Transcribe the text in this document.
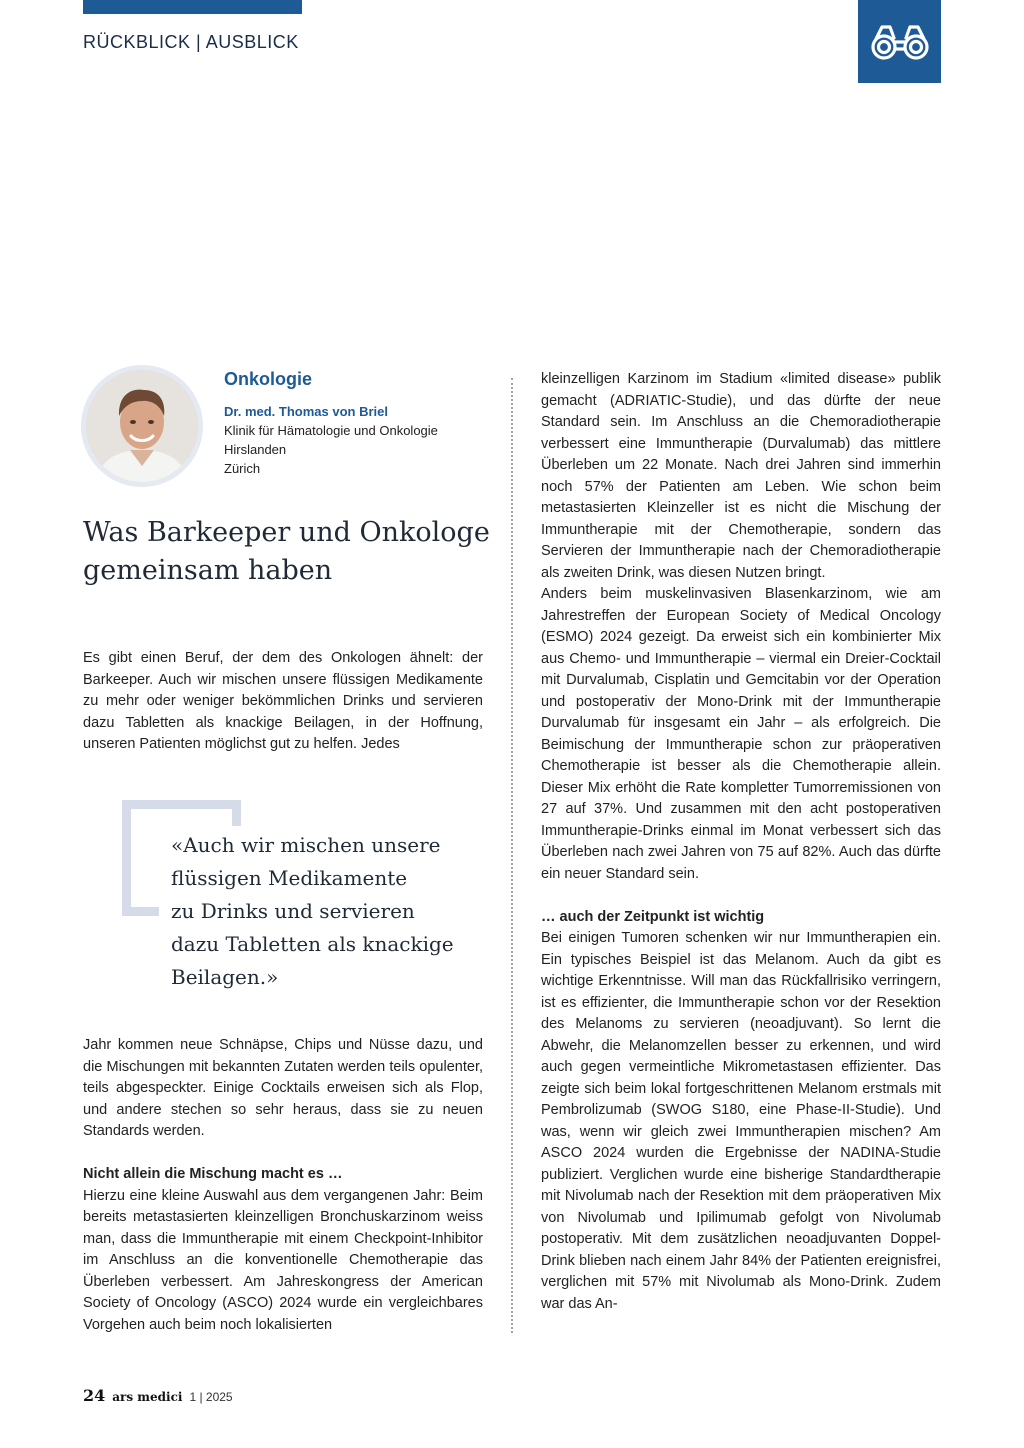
RÜCKBLICK | AUSBLICK
Onkologie
Dr. med. Thomas von Briel
Klinik für Hämatologie und Onkologie
Hirslanden
Zürich
Was Barkeeper und Onkologe
gemeinsam haben

Es gibt einen Beruf, der dem des Onkologen ähnelt: der Barkeeper. Auch wir mischen unsere flüssigen Medikamente zu mehr oder weniger bekömmlichen Drinks und servieren dazu Tabletten als knackige Beilagen, in der Hoffnung, unseren Patienten möglichst gut zu helfen. Jedes

«Auch wir mischen unsere
flüssigen Medikamente
zu Drinks und servieren
dazu Tabletten als knackige
Beilagen.»

Jahr kommen neue Schnäpse, Chips und Nüsse dazu, und die Mischungen mit bekannten Zutaten werden teils opulenter, teils abgespeckter. Einige Cocktails erweisen sich als Flop, und andere stechen so sehr heraus, dass sie zu neuen Standards werden.

Nicht allein die Mischung macht es …

Hierzu eine kleine Auswahl aus dem vergangenen Jahr: Beim bereits metastasierten kleinzelligen Bronchuskarzinom weiss man, dass die Immuntherapie mit einem Checkpoint-Inhibitor im Anschluss an die konventionelle Chemotherapie das Überleben verbessert. Am Jahreskongress der American Society of Oncology (ASCO) 2024 wurde ein vergleichbares Vorgehen auch beim noch lokalisierten

kleinzelligen Karzinom im Stadium «limited disease» publik gemacht (ADRIATIC-Studie), und das dürfte der neue Standard sein. Im Anschluss an die Chemoradiotherapie verbessert eine Immuntherapie (Durvalumab) das mittlere Überleben um 22 Monate. Nach drei Jahren sind immerhin noch 57% der Patienten am Leben. Wie schon beim metastasierten Kleinzeller ist es nicht die Mischung der Immuntherapie mit der Chemotherapie, sondern das Servieren der Immuntherapie nach der Chemoradiotherapie als zweiten Drink, was diesen Nutzen bringt.

Anders beim muskelinvasiven Blasenkarzinom, wie am Jahrestreffen der European Society of Medical Oncology (ESMO) 2024 gezeigt. Da erweist sich ein kombinierter Mix aus Chemo- und Immuntherapie – viermal ein Dreier-Cocktail mit Durvalumab, Cisplatin und Gemcitabin vor der Operation und postoperativ der Mono-Drink mit der Immuntherapie Durvalumab für insgesamt ein Jahr – als erfolgreich. Die Beimischung der Immuntherapie schon zur präoperativen Chemotherapie ist besser als die Chemotherapie allein. Dieser Mix erhöht die Rate kompletter Tumorremissionen von 27 auf 37%. Und zusammen mit den acht postoperativen Immuntherapie-Drinks einmal im Monat verbessert sich das Überleben nach zwei Jahren von 75 auf 82%. Auch das dürfte ein neuer Standard sein.

… auch der Zeitpunkt ist wichtig

Bei einigen Tumoren schenken wir nur Immuntherapien ein. Ein typisches Beispiel ist das Melanom. Auch da gibt es wichtige Erkenntnisse. Will man das Rückfallrisiko verringern, ist es effizienter, die Immuntherapie schon vor der Resektion des Melanoms zu servieren (neoadjuvant). So lernt die Abwehr, die Melanomzellen besser zu erkennen, und wird auch gegen vermeintliche Mikrometastasen effizienter. Das zeigte sich beim lokal fortgeschrittenen Melanom erstmals mit Pembrolizumab (SWOG S180, eine Phase-II-Studie). Und was, wenn wir gleich zwei Immuntherapien mischen? Am ASCO 2024 wurden die Ergebnisse der NADINA-Studie publiziert. Verglichen wurde eine bisherige Standardtherapie mit Nivolumab nach der Resektion mit dem präoperativen Mix von Nivolumab und Ipilimumab gefolgt von Nivolumab postoperativ. Mit dem zusätzlichen neoadjuvanten Doppel-Drink blieben nach einem Jahr 84% der Patienten ereignisfrei, verglichen mit 57% mit Nivolumab als Mono-Drink. Zudem war das An-

24 ars medici 1 | 2025
